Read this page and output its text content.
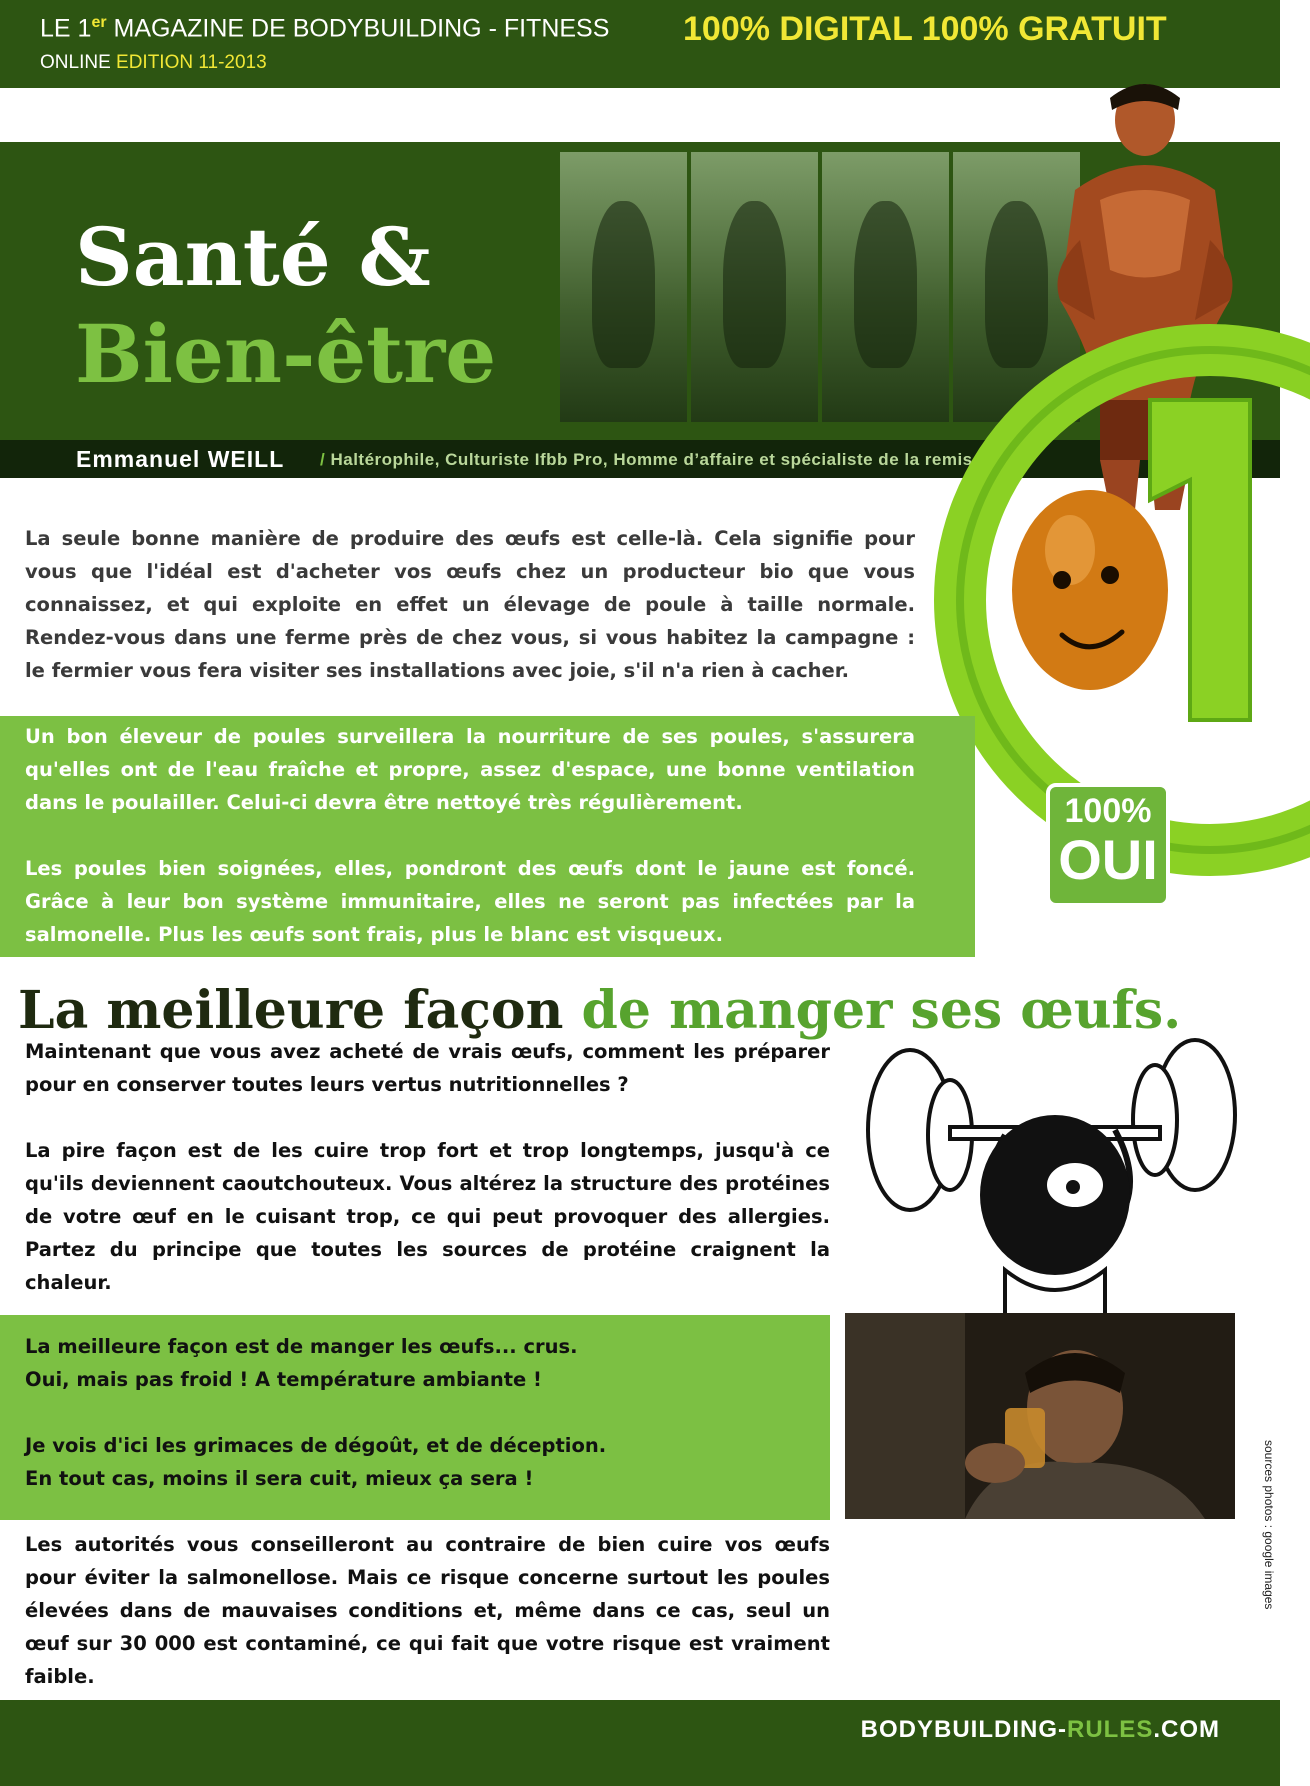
LE 1er MAGAZINE DE BODYBUILDING - FITNESS 100% DIGITAL 100% GRATUIT
ONLINE EDITION 11-2013
Santé &
Bien-être
Emmanuel WEILL / Haltérophile, Culturiste Ifbb Pro, Homme d’affaire et spécialiste de la remise en fo
100%
OUI

La seule bonne manière de produire des œufs est celle-là. Cela signifie pour vous que l'idéal est d'acheter vos œufs chez un producteur bio que vous connaissez, et qui exploite en effet un élevage de poule à taille normale. Rendez-vous dans une ferme près de chez vous, si vous habitez la campagne : le fermier vous fera visiter ses installations avec joie, s'il n'a rien à cacher.

Un bon éleveur de poules surveillera la nourriture de ses poules, s'assurera qu'elles ont de l'eau fraîche et propre, assez d'espace, une bonne ventilation dans le poulailler. Celui-ci devra être nettoyé très régulièrement.

Les poules bien soignées, elles, pondront des œufs dont le jaune est foncé. Grâce à leur bon système immunitaire, elles ne seront pas infectées par la salmonelle. Plus les œufs sont frais, plus le blanc est visqueux.

La meilleure façon de manger ses œufs.

Maintenant que vous avez acheté de vrais œufs, comment les préparer pour en conserver toutes leurs vertus nutritionnelles ?

La pire façon est de les cuire trop fort et trop longtemps, jusqu'à ce qu'ils deviennent caoutchouteux. Vous altérez la structure des protéines de votre œuf en le cuisant trop, ce qui peut provoquer des allergies. Partez du principe que toutes les sources de protéine craignent la chaleur.

La meilleure façon est de manger les œufs... crus.

Oui, mais pas froid ! A température ambiante !

Je vois d'ici les grimaces de dégoût, et de déception.

En tout cas, moins il sera cuit, mieux ça sera !	sources photos : google images

Les autorités vous conseilleront au contraire de bien cuire vos œufs pour éviter la salmonellose. Mais ce risque concerne surtout les poules élevées dans de mauvaises conditions et, même dans ce cas, seul un œuf sur 30 000 est contaminé, ce qui fait que votre risque est vraiment faible.

BODYBUILDING-RULES.COM
